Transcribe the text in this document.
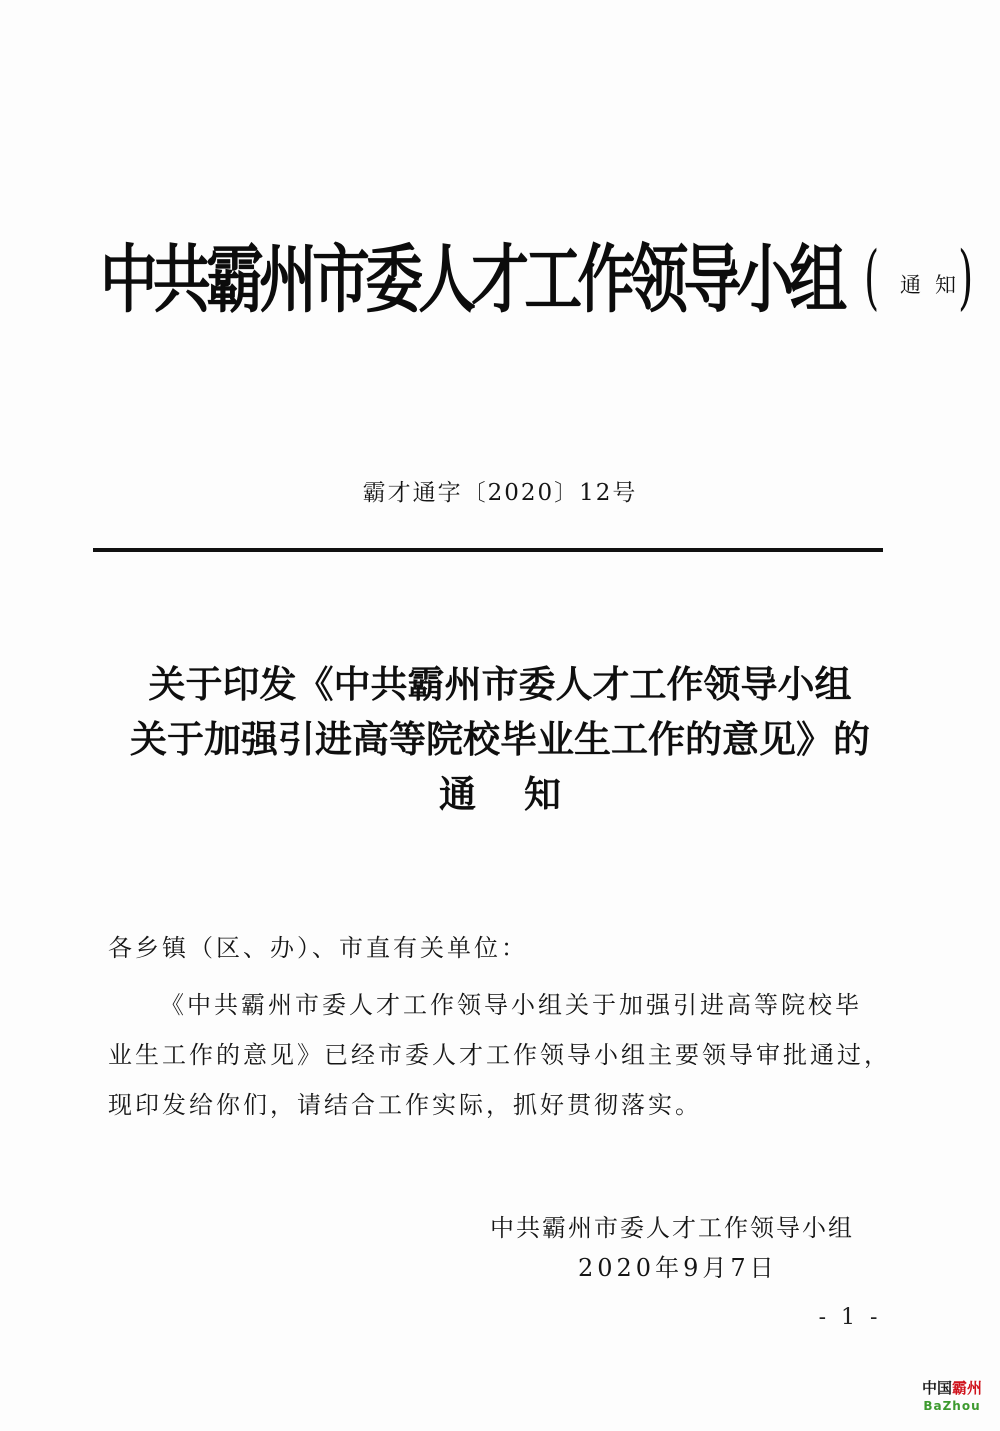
中共霸州市委人才工作领导小组 ( 通知
)
霸才通字〔2020〕12号
关于印发《中共霸州市委人才工作领导小组
关于加强引进高等院校毕业生工作的意见》的
通知
各乡镇（区、办）、市直有关单位：
《中共霸州市委人才工作领导小组关于加强引进高等院校毕
业生工作的意见》已经市委人才工作领导小组主要领导审批通过，
现印发给你们，请结合工作实际，抓好贯彻落实。
中共霸州市委人才工作领导小组
2020年9月7日
- 1 -
中国霸州
BaZhou
